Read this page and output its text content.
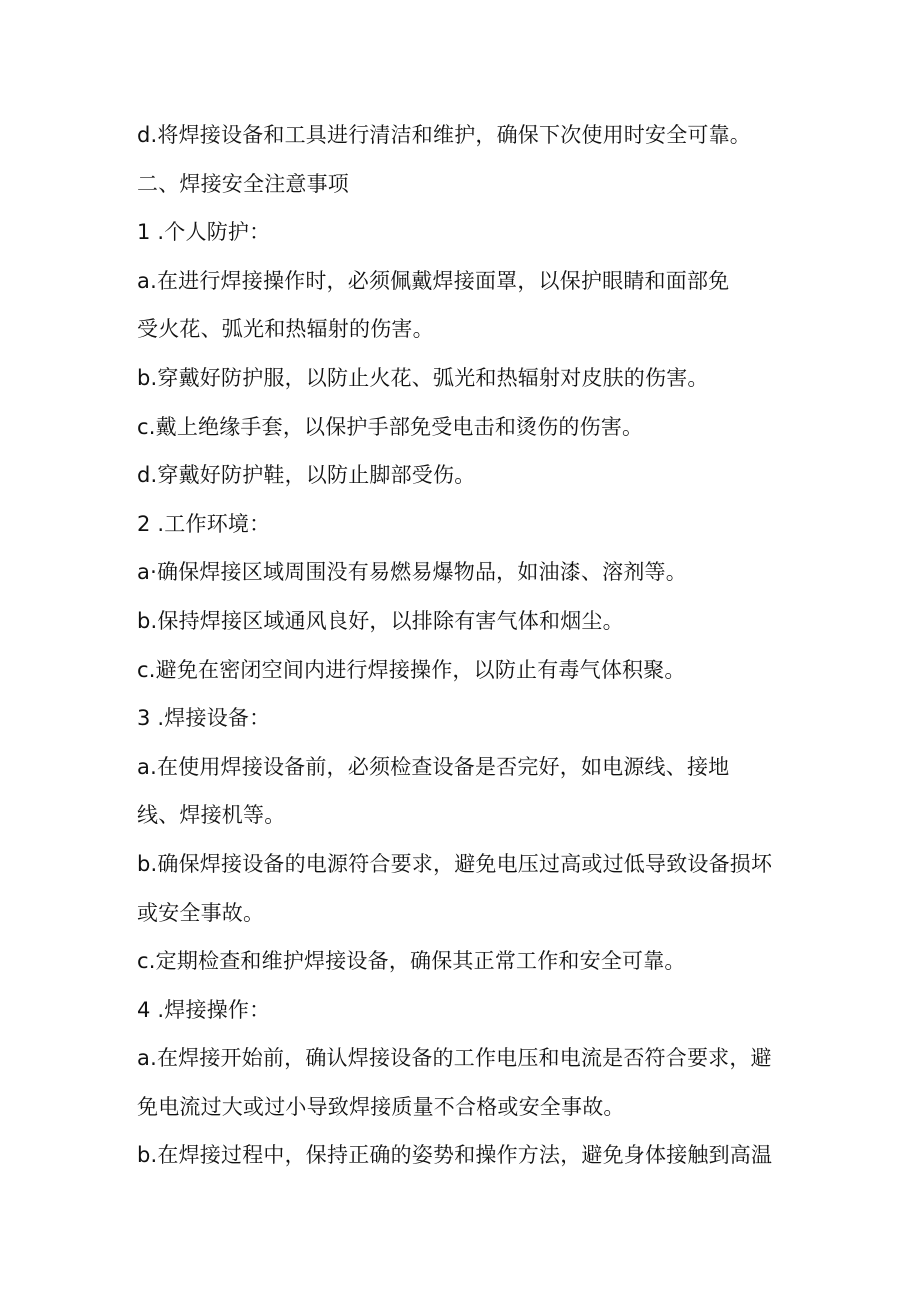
d.将焊接设备和工具进行清洁和维护，确保下次使用时安全可靠。
二、焊接安全注意事项
1 .个人防护：
a.在进行焊接操作时，必须佩戴焊接面罩，以保护眼睛和面部免
受火花、弧光和热辐射的伤害。
b.穿戴好防护服，以防止火花、弧光和热辐射对皮肤的伤害。
c.戴上绝缘手套，以保护手部免受电击和烫伤的伤害。
d.穿戴好防护鞋，以防止脚部受伤。
2 .工作环境：
a·确保焊接区域周围没有易燃易爆物品，如油漆、溶剂等。
b.保持焊接区域通风良好，以排除有害气体和烟尘。
c.避免在密闭空间内进行焊接操作，以防止有毒气体积聚。
3 .焊接设备：
a.在使用焊接设备前，必须检查设备是否完好，如电源线、接地
线、焊接机等。
b.确保焊接设备的电源符合要求，避免电压过高或过低导致设备损坏
或安全事故。
c.定期检查和维护焊接设备，确保其正常工作和安全可靠。
4 .焊接操作：
a.在焊接开始前，确认焊接设备的工作电压和电流是否符合要求，避
免电流过大或过小导致焊接质量不合格或安全事故。
b.在焊接过程中，保持正确的姿势和操作方法，避免身体接触到高温
